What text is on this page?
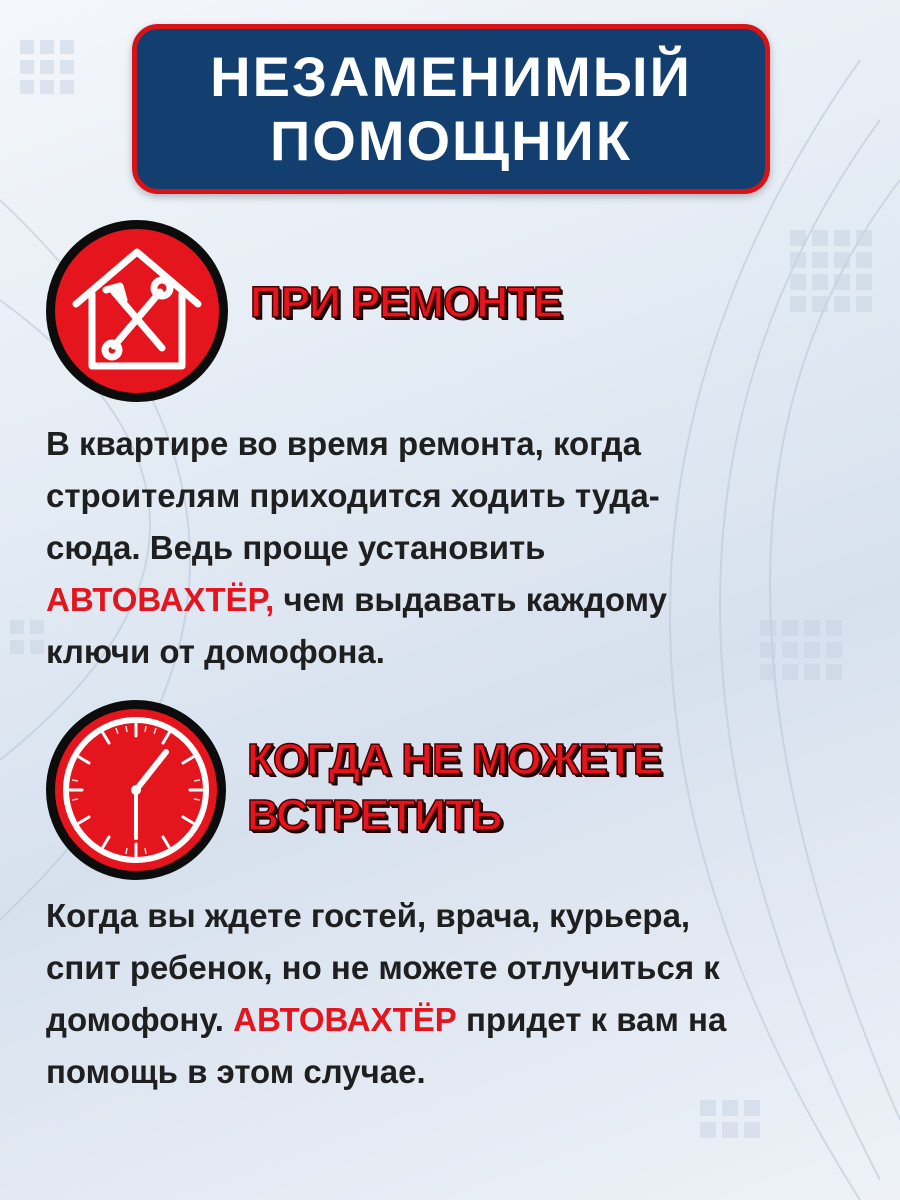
НЕЗАМЕНИМЫЙ
ПОМОЩНИК
ПРИ РЕМОНТЕ
В квартире во время ремонта, когда
строителям приходится ходить туда-
сюда. Ведь проще установить
АВТОВАХТЁР, чем выдавать каждому
ключи от домофона.
КОГДА НЕ МОЖЕТЕ
ВСТРЕТИТЬ
Когда вы ждете гостей, врача, курьера,
спит ребенок, но не можете отлучиться к
домофону. АВТОВАХТЁР придет к вам на
помощь в этом случае.
